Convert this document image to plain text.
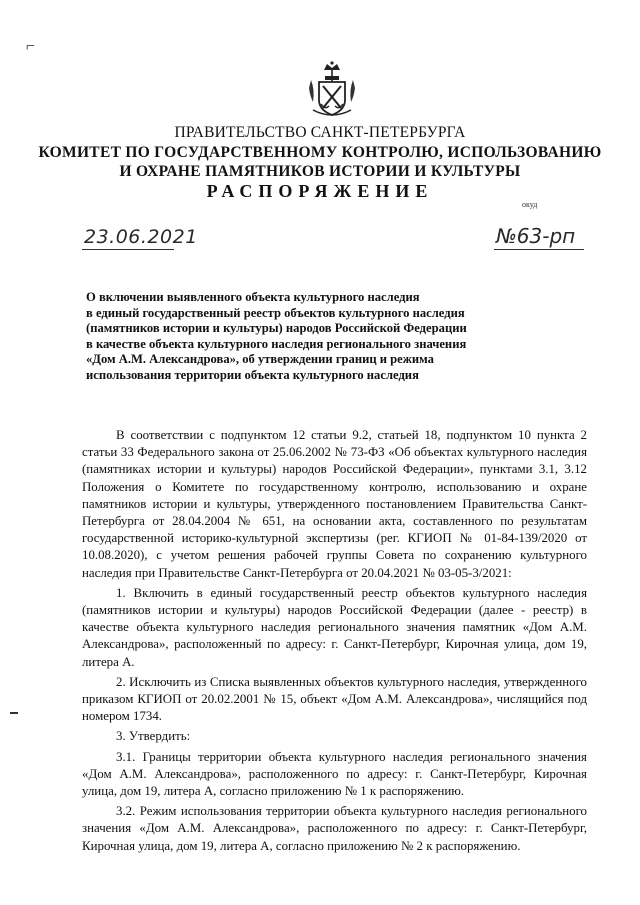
⌐
ПРАВИТЕЛЬСТВО САНКТ-ПЕТЕРБУРГА
КОМИТЕТ ПО ГОСУДАРСТВЕННОМУ КОНТРОЛЮ, ИСПОЛЬЗОВАНИЮ
И ОХРАНЕ ПАМЯТНИКОВ ИСТОРИИ И КУЛЬТУРЫ
РАСПОРЯЖЕНИЕ
окуд
23.06.2021	№63-рп
О включении выявленного объекта культурного наследия
в единый государственный реестр объектов культурного наследия
(памятников истории и культуры) народов Российской Федерации
в качестве объекта культурного наследия регионального значения
«Дом А.М. Александрова», об утверждении границ и режима
использования территории объекта культурного наследия

В соответствии с подпунктом 12 статьи 9.2, статьей 18, подпунктом 10 пункта 2 статьи 33 Федерального закона от 25.06.2002 № 73-ФЗ «Об объектах культурного наследия (памятниках истории и культуры) народов Российской Федерации», пунктами 3.1, 3.12 Положения о Комитете по государственному контролю, использованию и охране памятников истории и культуры, утвержденного постановлением Правительства Санкт-Петербурга от 28.04.2004 № 651, на основании акта, составленного по результатам государственной историко-культурной экспертизы (рег. КГИОП № 01-84-139/2020 от 10.08.2020), с учетом решения рабочей группы Совета по сохранению культурного наследия при Правительстве Санкт-Петербурга от 20.04.2021 № 03-05-3/2021:

1. Включить в единый государственный реестр объектов культурного наследия (памятников истории и культуры) народов Российской Федерации (далее - реестр) в качестве объекта культурного наследия регионального значения памятник «Дом А.М. Александрова», расположенный по адресу: г. Санкт-Петербург, Кирочная улица, дом 19, литера А.

2. Исключить из Списка выявленных объектов культурного наследия, утвержденного приказом КГИОП от 20.02.2001 № 15, объект «Дом А.М. Александрова», числящийся под номером 1734.

3. Утвердить:

3.1. Границы территории объекта культурного наследия регионального значения «Дом А.М. Александрова», расположенного по адресу: г. Санкт-Петербург, Кирочная улица, дом 19, литера А, согласно приложению № 1 к распоряжению.

3.2. Режим использования территории объекта культурного наследия регионального значения «Дом А.М. Александрова», расположенного по адресу: г. Санкт-Петербург, Кирочная улица, дом 19, литера А, согласно приложению № 2 к распоряжению.
